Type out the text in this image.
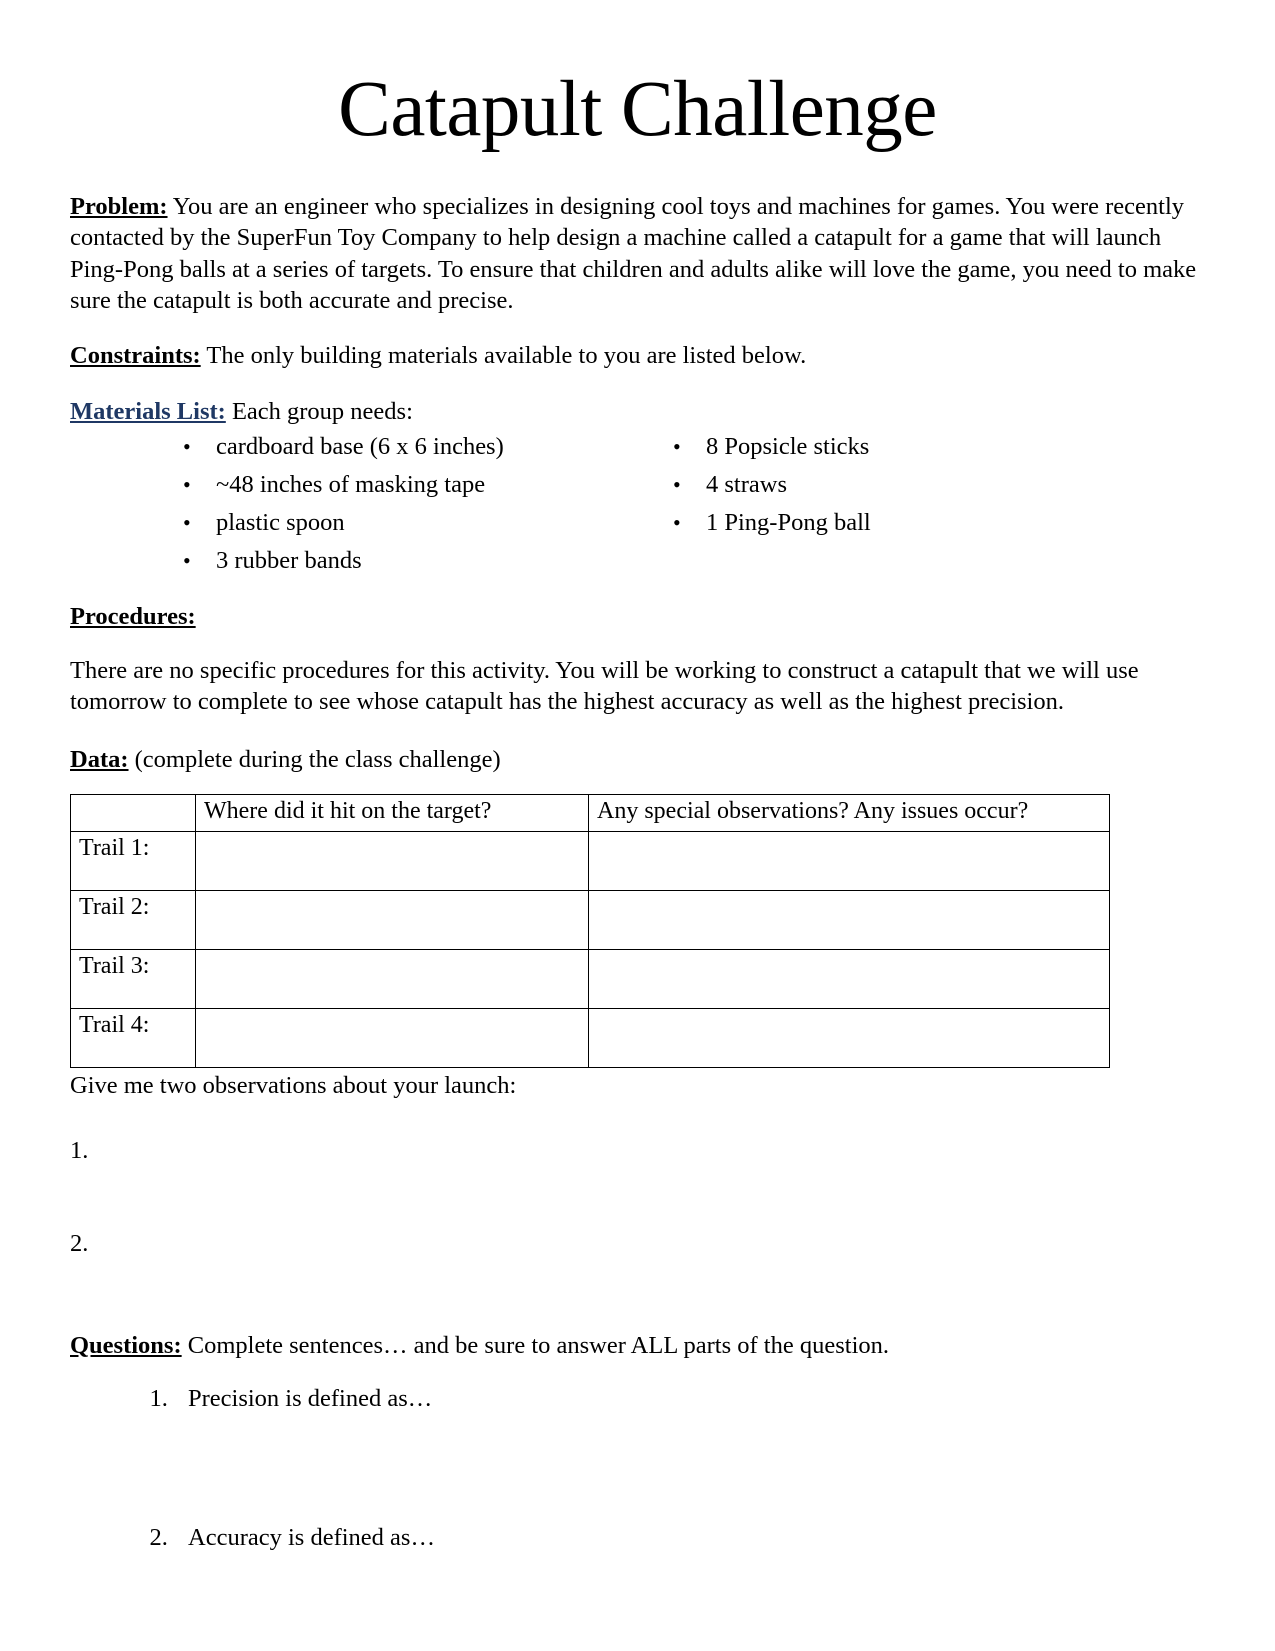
Catapult Challenge

Problem: You are an engineer who specializes in designing cool toys and machines for games. You were recently contacted by the SuperFun Toy Company to help design a machine called a catapult for a game that will launch Ping-Pong balls at a series of targets. To ensure that children and adults alike will love the game, you need to make sure the catapult is both accurate and precise.

Constraints: The only building materials available to you are listed below.

Materials List: Each group needs:

• cardboard base (6 x 6 inches)
• ~48 inches of masking tape
• plastic spoon
• 3 rubber bands
• 8 Popsicle sticks
• 4 straws
• 1 Ping-Pong ball
Procedures:

There are no specific procedures for this activity. You will be working to construct a catapult that we will use tomorrow to complete to see whose catapult has the highest accuracy as well as the highest precision.

Data: (complete during the class challenge)

	Where did it hit on the target?	Any special observations? Any issues occur?
Trail 1:		
Trail 2:		
Trail 3:		
Trail 4:		

Give me two observations about your launch:

1.

2.

Questions: Complete sentences… and be sure to answer ALL parts of the question.

1. Precision is defined as…
2. Accuracy is defined as…
